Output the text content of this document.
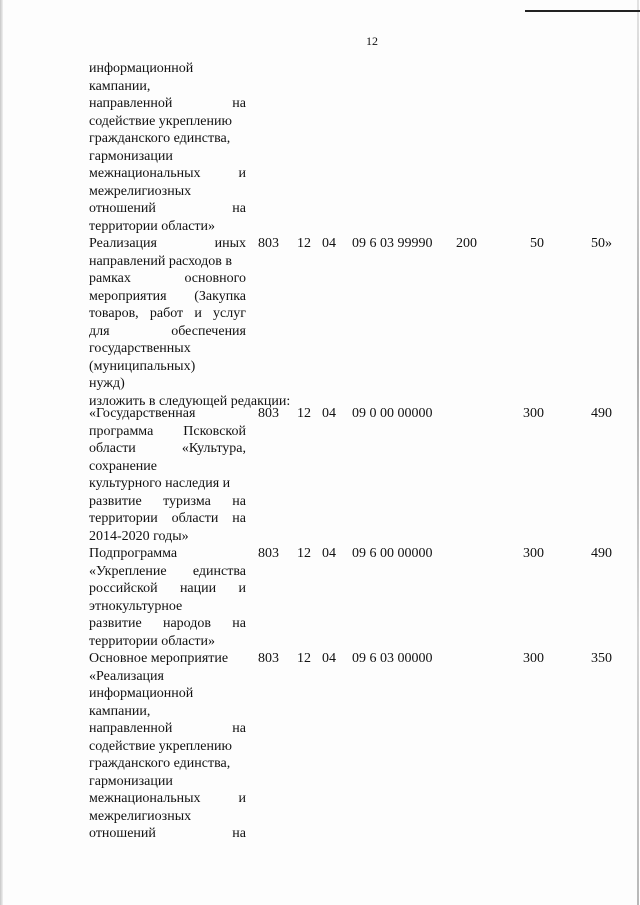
12
информационной
кампании,
направленной на
содействие укреплению
гражданского единства,
гармонизации
межнациональных и
межрелигиозных
отношений на
территории области»
Реализация иных
направлений расходов в
рамках основного
мероприятия (Закупка
товаров, работ и услуг
для обеспечения
государственных
(муниципальных)
нужд)
803 12 04 09 6 03 99990 200	50	50»
изложить в следующей редакции:
«Государственная
программа Псковской
области «Культура,
сохранение
культурного наследия и
развитие туризма на
территории области на
2014-2020 годы»
803 12 04 09 0 00 00000	300	490
Подпрограмма
«Укрепление единства
российской нации и
этнокультурное
развитие народов на
территории области»
803 12 04 09 6 00 00000	300	490
Основное мероприятие
«Реализация
информационной
кампании,
направленной на
содействие укреплению
гражданского единства,
гармонизации
межнациональных и
межрелигиозных
отношений на
803 12 04 09 6 03 00000	300	350
